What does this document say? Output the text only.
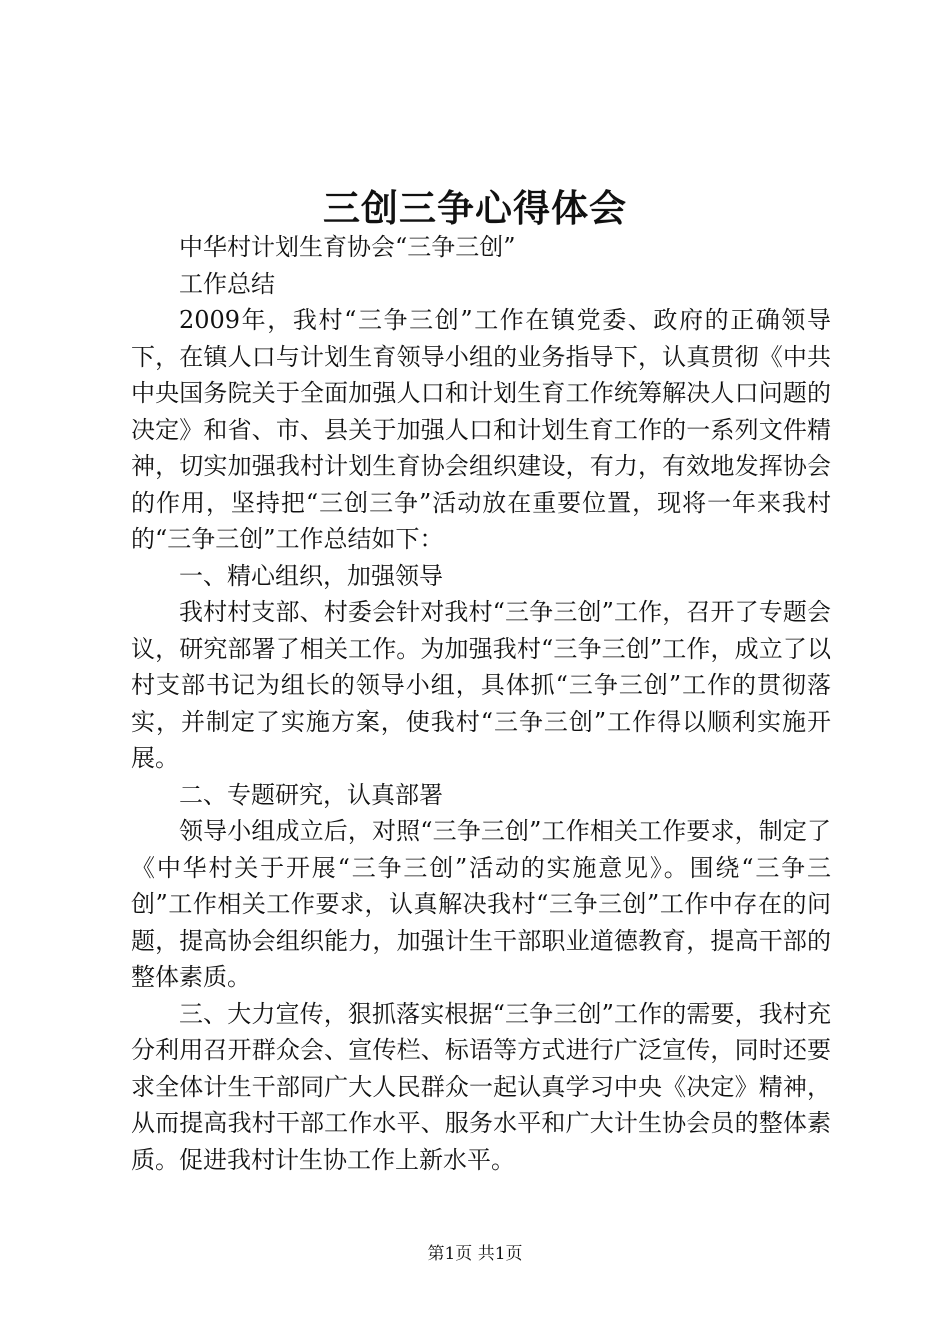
三创三争心得体会

中华村计划生育协会“三争三创”

工作总结

2009年，我村“三争三创”工作在镇党委、政府的正确领导下，在镇人口与计划生育领导小组的业务指导下，认真贯彻《中共中央国务院关于全面加强人口和计划生育工作统筹解决人口问题的决定》和省、市、县关于加强人口和计划生育工作的一系列文件精神，切实加强我村计划生育协会组织建设，有力，有效地发挥协会的作用，坚持把“三创三争”活动放在重要位置，现将一年来我村的“三争三创”工作总结如下：

一、精心组织，加强领导

我村村支部、村委会针对我村“三争三创”工作，召开了专题会议，研究部署了相关工作。为加强我村“三争三创”工作，成立了以村支部书记为组长的领导小组，具体抓“三争三创”工作的贯彻落实，并制定了实施方案，使我村“三争三创”工作得以顺利实施开展。

二、专题研究，认真部署

领导小组成立后，对照“三争三创”工作相关工作要求，制定了《中华村关于开展“三争三创”活动的实施意见》。围绕“三争三创”工作相关工作要求，认真解决我村“三争三创”工作中存在的问题，提高协会组织能力，加强计生干部职业道德教育，提高干部的整体素质。

三、大力宣传，狠抓落实根据“三争三创”工作的需要，我村充分利用召开群众会、宣传栏、标语等方式进行广泛宣传，同时还要求全体计生干部同广大人民群众一起认真学习中央《决定》精神，从而提高我村干部工作水平、服务水平和广大计生协会员的整体素质。促进我村计生协工作上新水平。

第1页 共1页
